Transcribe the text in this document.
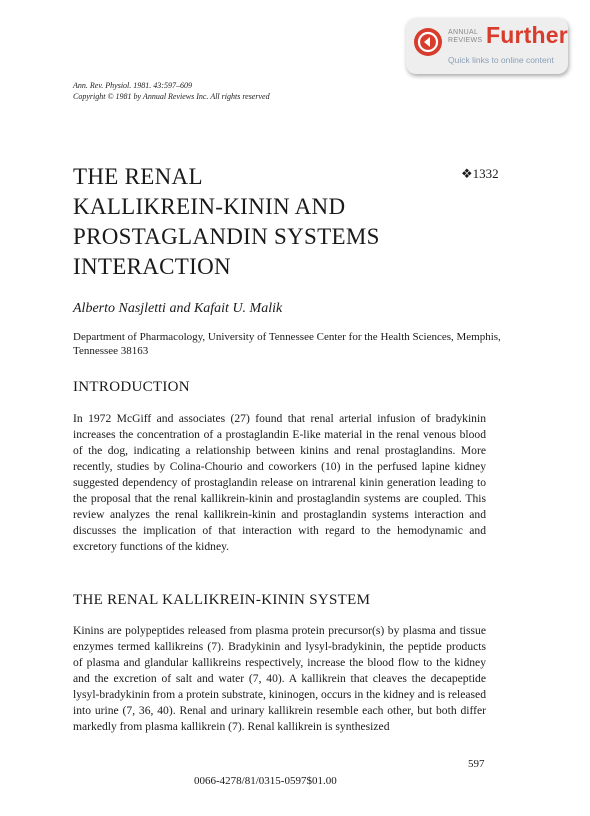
ANNUAL
REVIEWS Further
Quick links to online content
Ann. Rev. Physiol. 1981. 43:597–609
Copyright © 1981 by Annual Reviews Inc. All rights reserved
THE RENAL
KALLIKREIN-KININ AND
PROSTAGLANDIN SYSTEMS
INTERACTION
❖1332
Alberto Nasjletti and Kafait U. Malik
Department of Pharmacology, University of Tennessee Center for the Health Sciences, Memphis, Tennessee 38163
INTRODUCTION

In 1972 McGiff and associates (27) found that renal arterial infusion of bradykinin increases the concentration of a prostaglandin E-like material in the renal venous blood of the dog, indicating a relationship between kinins and renal prostaglandins. More recently, studies by Colina-Chourio and coworkers (10) in the perfused lapine kidney suggested dependency of prostaglandin release on intrarenal kinin generation leading to the proposal that the renal kallikrein-kinin and prostaglandin systems are coupled. This review analyzes the renal kallikrein-kinin and prostaglandin systems interaction and discusses the implication of that interaction with regard to the hemodynamic and excretory functions of the kidney.

THE RENAL KALLIKREIN-KININ SYSTEM

Kinins are polypeptides released from plasma protein precursor(s) by plasma and tissue enzymes termed kallikreins (7). Bradykinin and lysyl-bradykinin, the peptide products of plasma and glandular kallikreins respectively, increase the blood flow to the kidney and the excretion of salt and water (7, 40). A kallikrein that cleaves the decapeptide lysyl-bradykinin from a protein substrate, kininogen, occurs in the kidney and is released into urine (7, 36, 40). Renal and urinary kallikrein resemble each other, but both differ markedly from plasma kallikrein (7). Renal kallikrein is synthesized

597
0066-4278/81/0315-0597$01.00
